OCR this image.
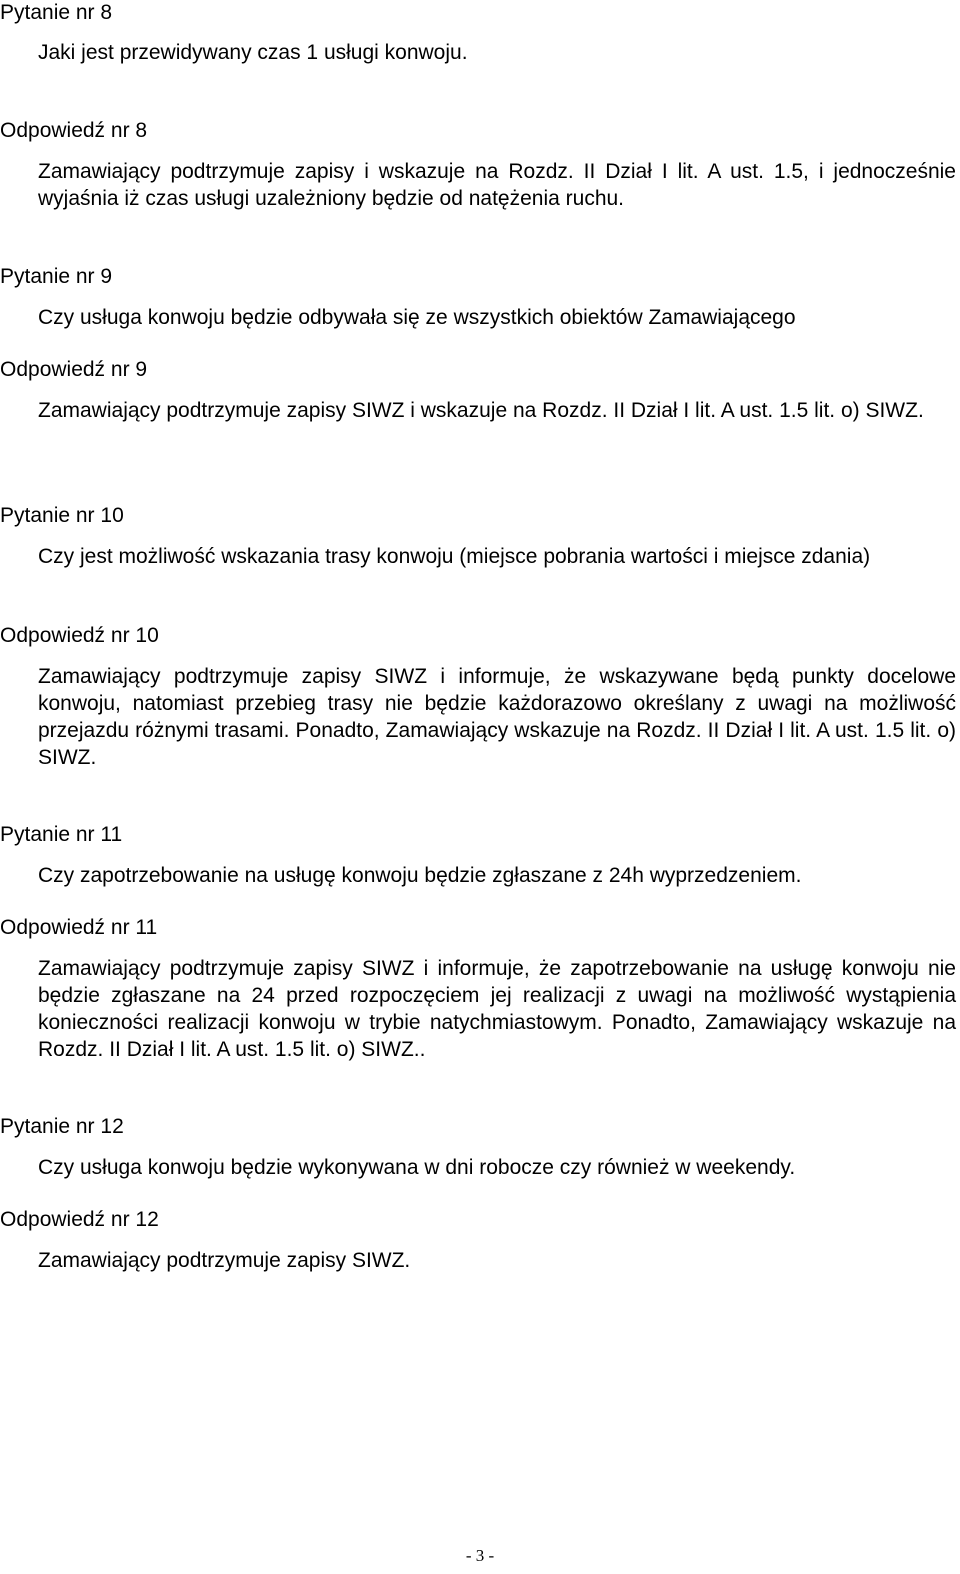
Pytanie nr 8
Jaki jest przewidywany czas 1 usługi konwoju.
Odpowiedź nr 8
Zamawiający podtrzymuje zapisy i wskazuje na Rozdz. II Dział I lit. A ust. 1.5, i jednocześnie wyjaśnia iż czas usługi uzależniony będzie od natężenia ruchu.
Pytanie nr 9
Czy usługa konwoju będzie odbywała się ze wszystkich obiektów Zamawiającego
Odpowiedź nr 9
Zamawiający podtrzymuje zapisy SIWZ i wskazuje na Rozdz. II Dział I lit. A ust. 1.5 lit. o) SIWZ.
Pytanie nr 10
Czy jest możliwość wskazania trasy konwoju (miejsce pobrania wartości i miejsce zdania)
Odpowiedź nr 10
Zamawiający podtrzymuje zapisy SIWZ i informuje, że wskazywane będą punkty docelowe konwoju, natomiast przebieg trasy nie będzie każdorazowo określany z uwagi na możliwość przejazdu różnymi trasami. Ponadto, Zamawiający wskazuje na Rozdz. II Dział I lit. A ust. 1.5 lit. o) SIWZ.
Pytanie nr 11
Czy zapotrzebowanie na usługę konwoju będzie zgłaszane z 24h wyprzedzeniem.
Odpowiedź nr 11
Zamawiający podtrzymuje zapisy SIWZ i informuje, że zapotrzebowanie na usługę konwoju nie będzie zgłaszane na 24 przed rozpoczęciem jej realizacji z uwagi na możliwość wystąpienia konieczności realizacji konwoju w trybie natychmiastowym. Ponadto, Zamawiający wskazuje na Rozdz. II Dział I lit. A ust. 1.5 lit. o) SIWZ..
Pytanie nr 12
Czy usługa konwoju będzie wykonywana w dni robocze czy również w weekendy.
Odpowiedź nr 12
Zamawiający podtrzymuje zapisy SIWZ.
- 3 -
